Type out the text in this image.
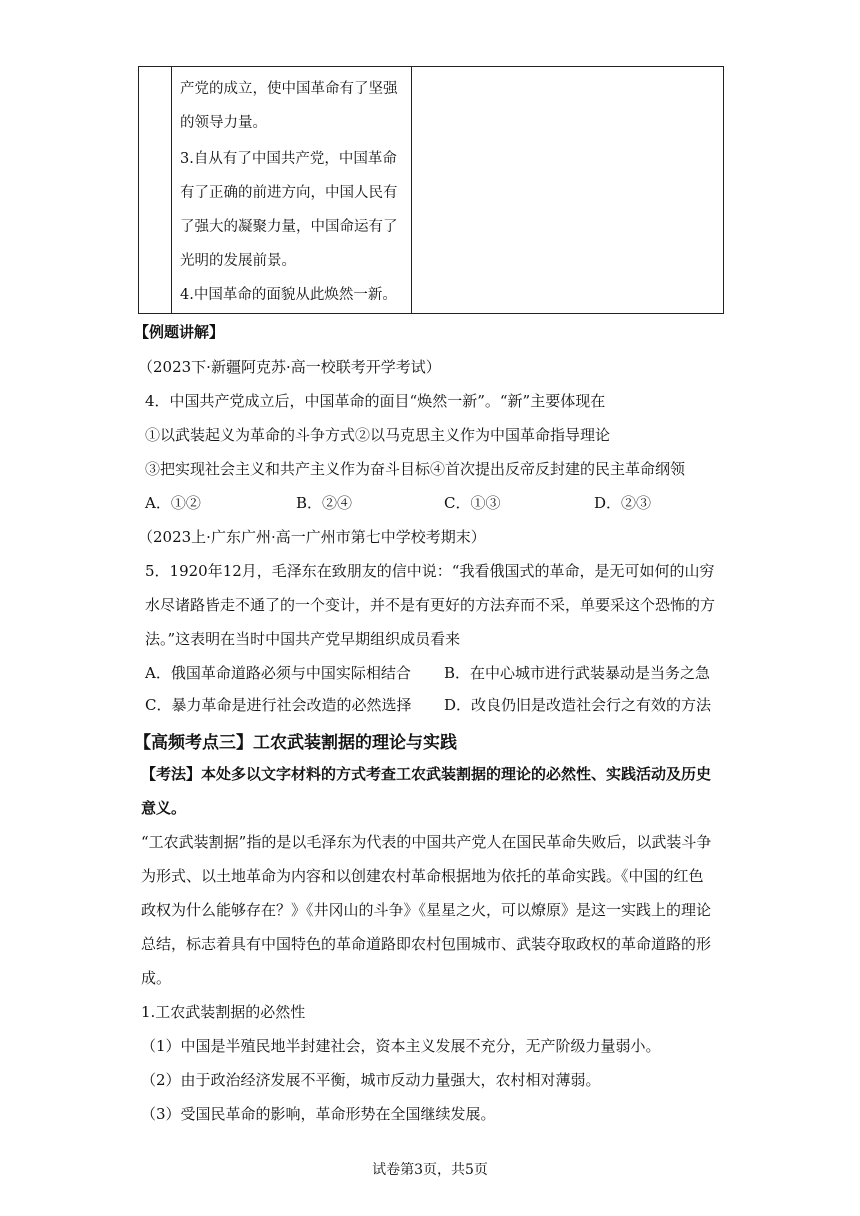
产党的成立，使中国革命有了坚强
的领导力量。
3.自从有了中国共产党，中国革命
有了正确的前进方向，中国人民有
了强大的凝聚力量，中国命运有了
光明的发展前景。
4.中国革命的面貌从此焕然一新。
【例题讲解】
（2023下·新疆阿克苏·高一校联考开学考试）
4．中国共产党成立后，中国革命的面目“焕然一新”。“新”主要体现在
①以武装起义为革命的斗争方式②以马克思主义作为中国革命指导理论
③把实现社会主义和共产主义作为奋斗目标④首次提出反帝反封建的民主革命纲领
A．①②	B．②④	C．①③	D．②③
（2023上·广东广州·高一广州市第七中学校考期末）
5．1920年12月，毛泽东在致朋友的信中说：“我看俄国式的革命，是无可如何的山穷
水尽诸路皆走不通了的一个变计，并不是有更好的方法弃而不采，单要采这个恐怖的方
法。”这表明在当时中国共产党早期组织成员看来
A．俄国革命道路必须与中国实际相结合 B．在中心城市进行武装暴动是当务之急
C．暴力革命是进行社会改造的必然选择 D．改良仍旧是改造社会行之有效的方法
【高频考点三】工农武装割据的理论与实践
【考法】本处多以文字材料的方式考查工农武装割据的理论的必然性、实践活动及历史
意义。
“工农武装割据”指的是以毛泽东为代表的中国共产党人在国民革命失败后，以武装斗争
为形式、以土地革命为内容和以创建农村革命根据地为依托的革命实践。《中国的红色
政权为什么能够存在？》《井冈山的斗争》《星星之火，可以燎原》是这一实践上的理论
总结，标志着具有中国特色的革命道路即农村包围城市、武装夺取政权的革命道路的形
成。
1.工农武装割据的必然性
（1）中国是半殖民地半封建社会，资本主义发展不充分，无产阶级力量弱小。
（2）由于政治经济发展不平衡，城市反动力量强大，农村相对薄弱。
（3）受国民革命的影响，革命形势在全国继续发展。
试卷第3页，共5页
